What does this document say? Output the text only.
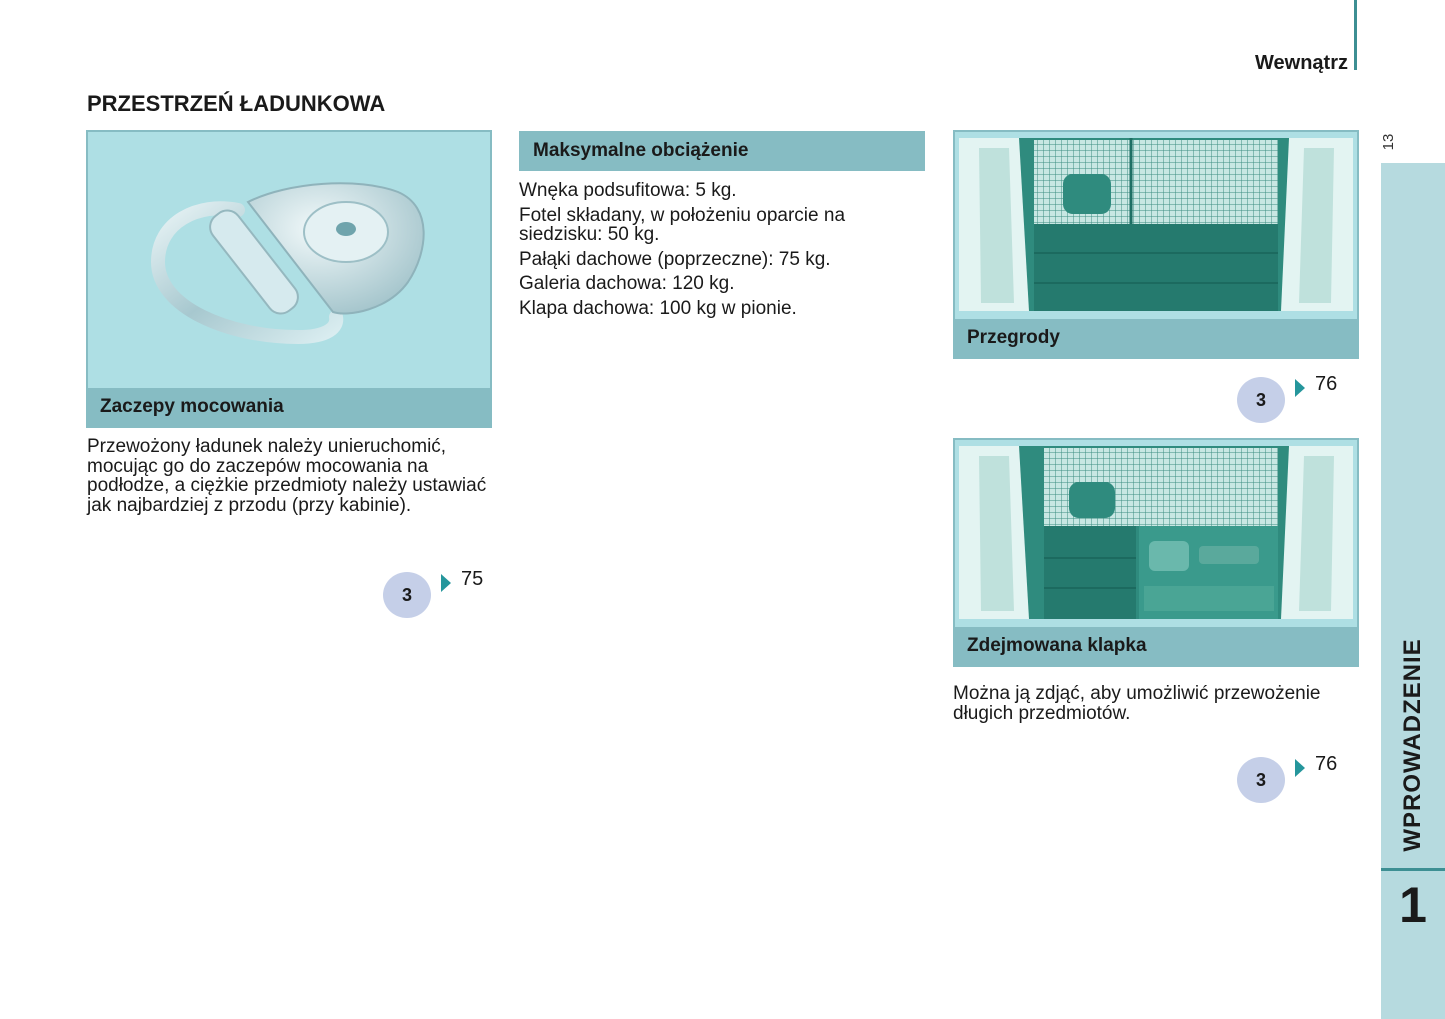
Wewnątrz
13
WPROWADZENIE
1
PRZESTRZEŃ ŁADUNKOWA
Zaczepy mocowania
Przewożony ładunek należy unieruchomić, mocując go do zaczepów mocowania na podłodze, a ciężkie przedmioty należy ustawiać jak najbardziej z przodu (przy kabinie).
3
75
Maksymalne obciążenie
Wnęka podsufitowa: 5 kg.
Fotel składany, w położeniu oparcie na siedzisku: 50 kg.
Pałąki dachowe (poprzeczne): 75 kg.
Galeria dachowa: 120 kg.
Klapa dachowa: 100 kg w pionie.
Przegrody
3
76
Zdejmowana klapka
Można ją zdjąć, aby umożliwić przewożenie długich przedmiotów.
3
76
